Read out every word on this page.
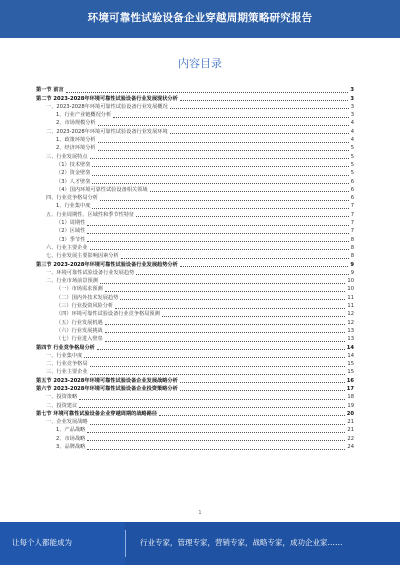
环境可靠性试验设备企业穿越周期策略研究报告
内容目录
第一节 前言	3
第二节 2023-2028年环境可靠性试验设备行业发展现状分析	3
一、2023-2028年环境可靠性试验设备行业发展概况	3
1、行业产业链概况分析	3
2、市场规模分析	4
二、2023-2028年环境可靠性试验设备行业发展环境	4
1、政策环境分析	4
2、经济环境分析	5
三、行业发展特点	5
（1）技术壁垒	5
（2）资金壁垒	5
（3）人才壁垒	6
（4）国内环境可靠性试验设备相关领域	6
四、行业竞争格局分析	6
1、行业集中度	7
五、行业周期性、区域性和季节性特征	7
（1）周期性	7
（2）区域性	7
（3）季节性	8
六、行业主要企业	8
七、行业发展主要影响因素分析	8
第三节 2023-2028年环境可靠性试验设备行业发展趋势分析	9
一、环境可靠性试验设备行业发展趋势	9
二、行业市场前景预测	10
（一）市场需求预测	10
（二）国内外技术发展趋势	11
（三）行业投资风险分析	11
（四）环境可靠性试验设备行业竞争格局预测	12
（五）行业发展机遇	12
（六）行业发展挑战	13
（七）行业进入壁垒	13
第四节 行业竞争格局分析	14
一、行业集中度	14
二、行业竞争格局	15
三、行业主要企业	15
第五节 2023-2028年环境可靠性试验设备企业发展战略分析	16
第六节 2023-2028年环境可靠性试验设备企业投资策略分析	17
一、投资策略	18
二、投资建议	19
第七节 环境可靠性试验设备企业穿越周期的战略路径	20
一、企业发展战略	21
1、产品战略	21
2、市场战略	22
3、品牌战略	24
1
让每个人都能成为	行业专家，管理专家，营销专家，战略专家，成功企业家……
